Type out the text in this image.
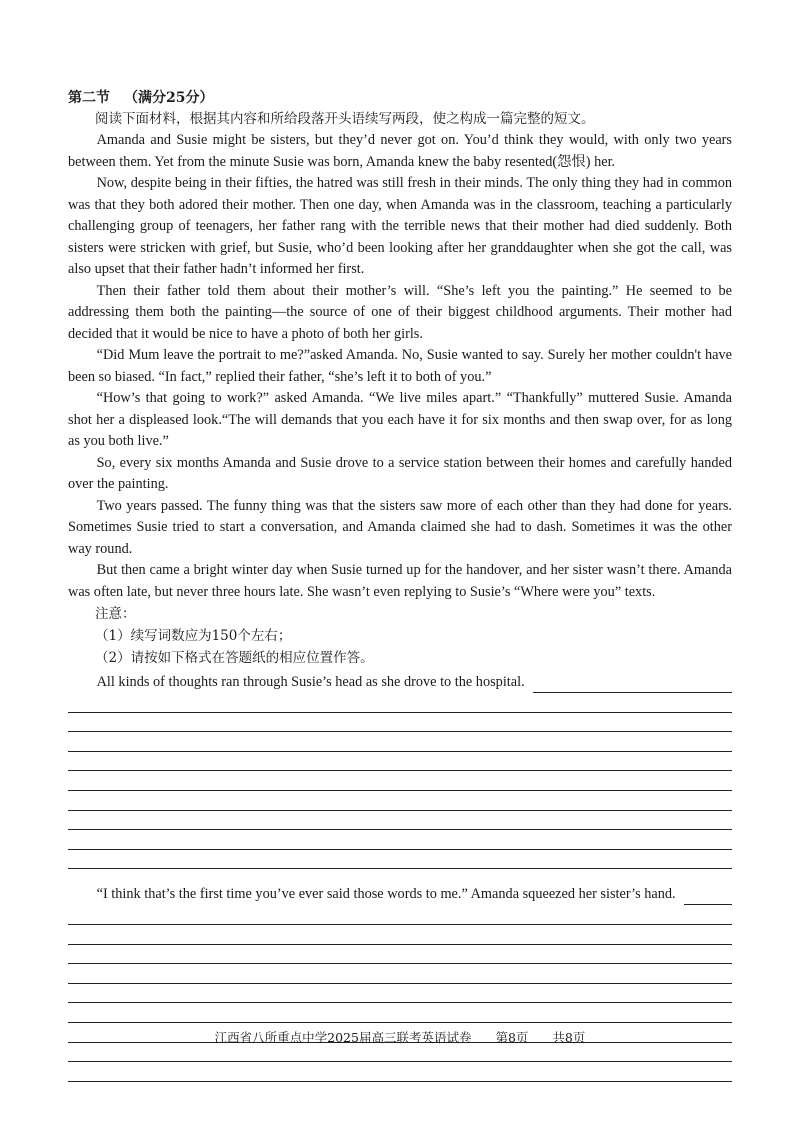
第二节 （满分25分）

阅读下面材料，根据其内容和所给段落开头语续写两段，使之构成一篇完整的短文。

Amanda and Susie might be sisters, but they’d never got on. You’d think they would, with only two years between them. Yet from the minute Susie was born, Amanda knew the baby resented(怨恨) her.

Now, despite being in their fifties, the hatred was still fresh in their minds. The only thing they had in common was that they both adored their mother. Then one day, when Amanda was in the classroom, teaching a particularly challenging group of teenagers, her father rang with the terrible news that their mother had died suddenly. Both sisters were stricken with grief, but Susie, who’d been looking after her granddaughter when she got the call, was also upset that their father hadn’t informed her first.

Then their father told them about their mother’s will. “She’s left you the painting.” He seemed to be addressing them both the painting—the source of one of their biggest childhood arguments. Their mother had decided that it would be nice to have a photo of both her girls.

“Did Mum leave the portrait to me?”asked Amanda. No, Susie wanted to say. Surely her mother couldn't have been so biased. “In fact,” replied their father, “she’s left it to both of you.”

“How’s that going to work?” asked Amanda. “We live miles apart.” “Thankfully” muttered Susie. Amanda shot her a displeased look.“The will demands that you each have it for six months and then swap over, for as long as you both live.”

So, every six months Amanda and Susie drove to a service station between their homes and carefully handed over the painting.

Two years passed. The funny thing was that the sisters saw more of each other than they had done for years. Sometimes Susie tried to start a conversation, and Amanda claimed she had to dash. Sometimes it was the other way round.

But then came a bright winter day when Susie turned up for the handover, and her sister wasn’t there. Amanda was often late, but never three hours late. She wasn’t even replying to Susie’s “Where were you” texts.

注意：

（1）续写词数应为150个左右；

（2）请按如下格式在答题纸的相应位置作答。

All kinds of thoughts ran through Susie’s head as she drove to the hospital.
“I think that’s the first time you’ve ever said those words to me.” Amanda squeezed her sister’s hand.
江西省八所重点中学2025届高三联考英语试卷 第8页 共8页
